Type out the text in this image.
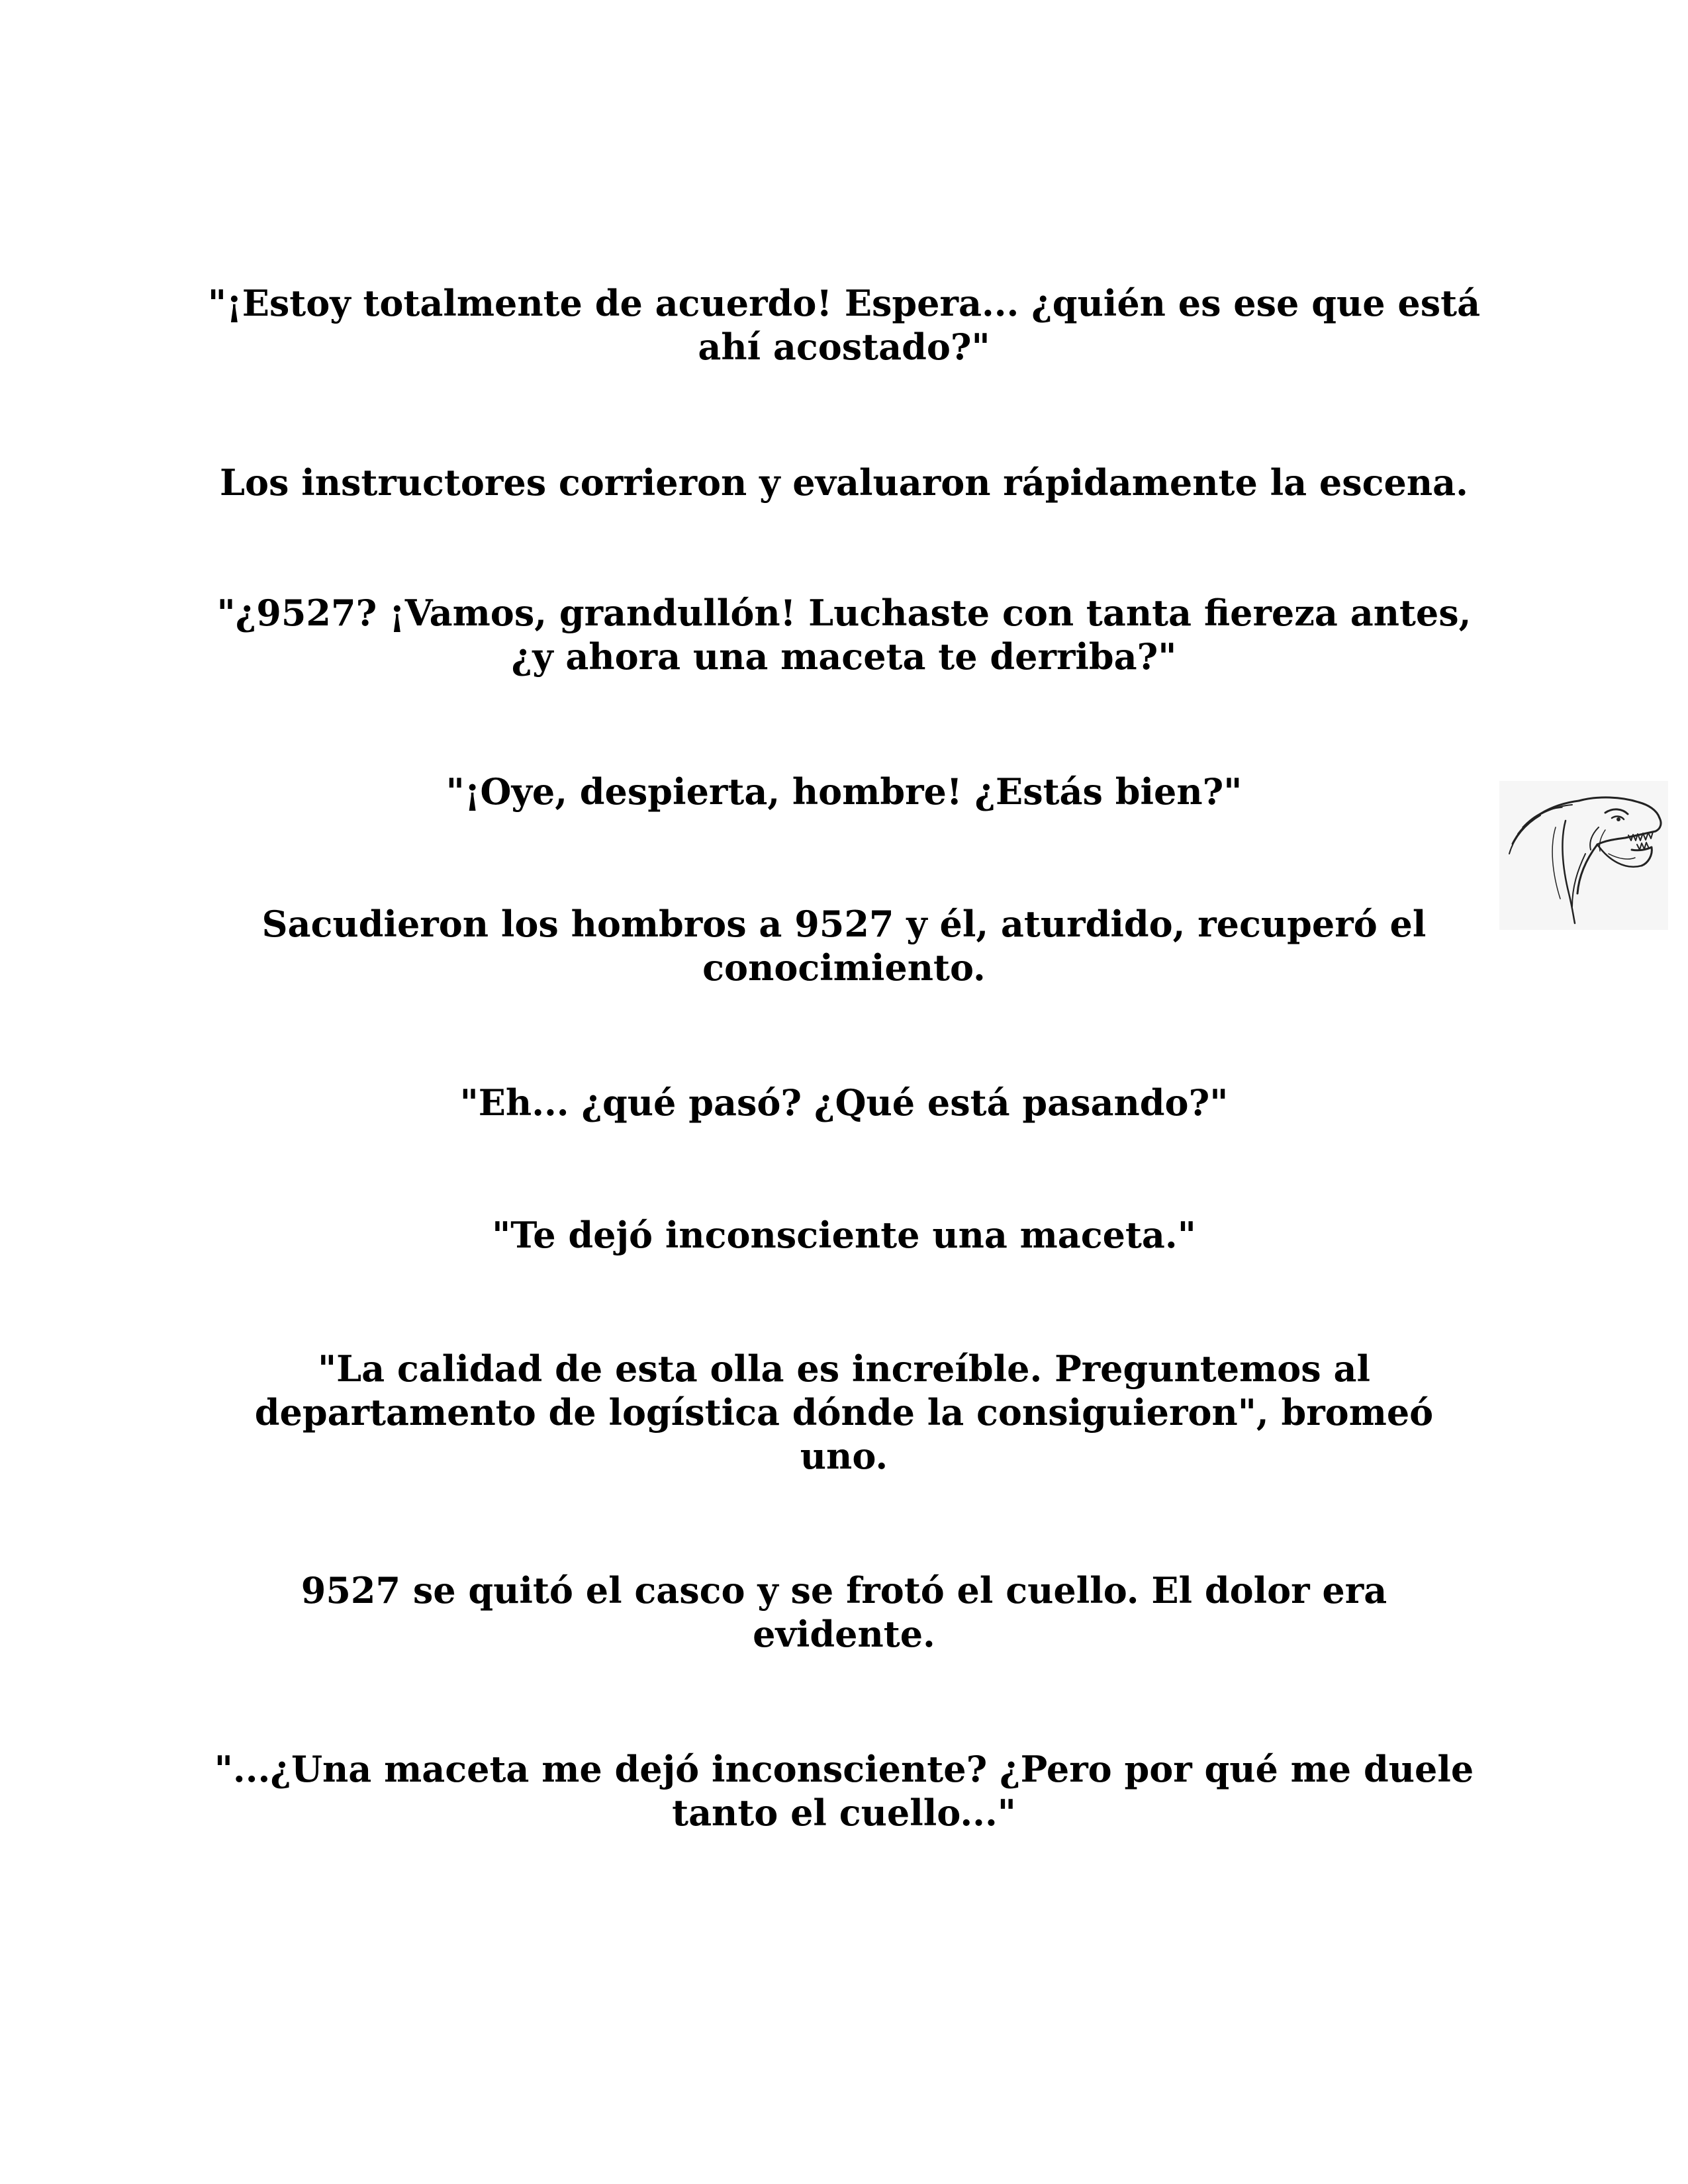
"¡Estoy totalmente de acuerdo! Espera... ¿quién es ese que está ahí acostado?"

Los instructores corrieron y evaluaron rápidamente la escena.

"¿9527? ¡Vamos, grandullón! Luchaste con tanta fiereza antes, ¿y ahora una maceta te derriba?"

"¡Oye, despierta, hombre! ¿Estás bien?"

Sacudieron los hombros a 9527 y él, aturdido, recuperó el conocimiento.

"Eh... ¿qué pasó? ¿Qué está pasando?"

"Te dejó inconsciente una maceta."

"La calidad de esta olla es increíble. Preguntemos al departamento de logística dónde la consiguieron", bromeó uno.

9527 se quitó el casco y se frotó el cuello. El dolor era evidente.

"...¿Una maceta me dejó inconsciente? ¿Pero por qué me duele tanto el cuello..."
